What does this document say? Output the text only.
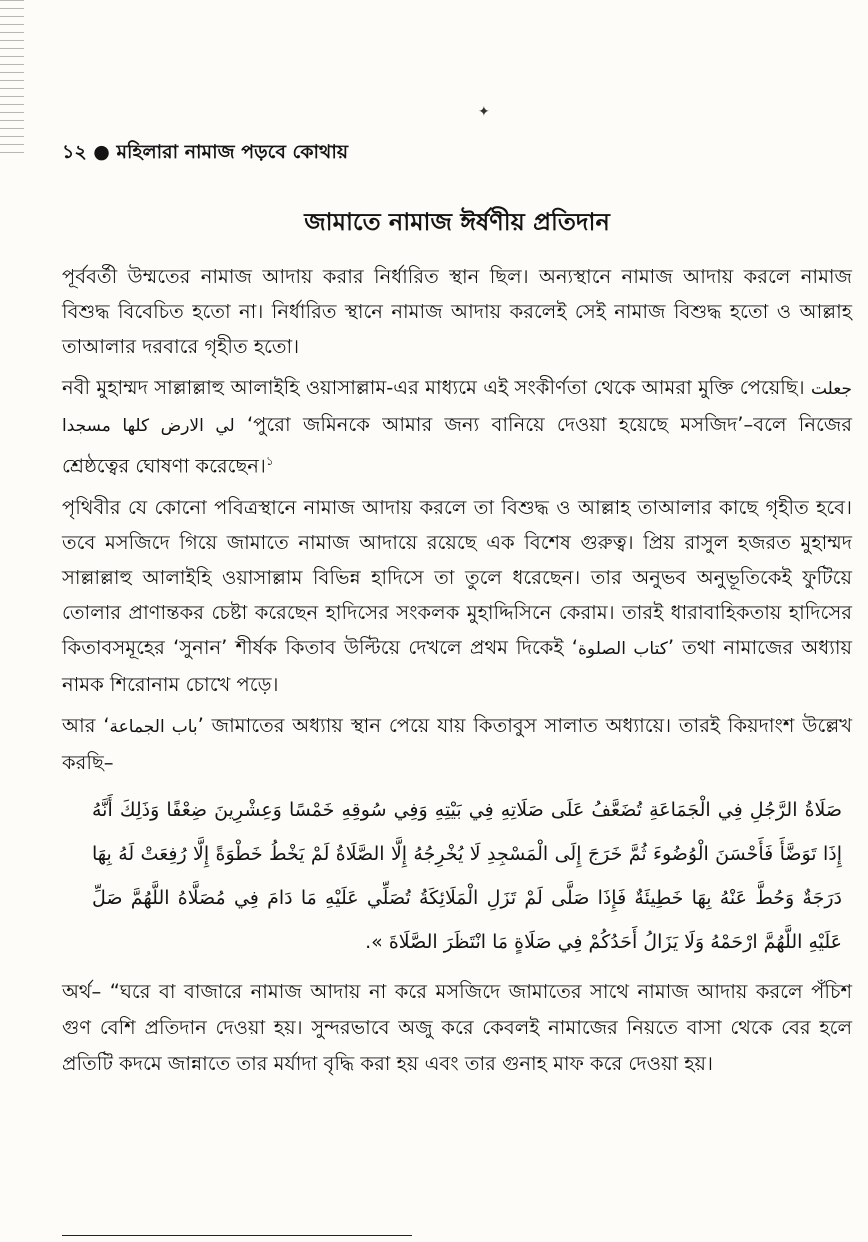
✦
১২ ● মহিলারা নামাজ পড়বে কোথায়
জামাতে নামাজ ঈর্ষণীয় প্রতিদান

পূর্ববর্তী উম্মতের নামাজ আদায় করার নির্ধারিত স্থান ছিল। অন্যস্থানে নামাজ আদায় করলে নামাজ বিশুদ্ধ বিবেচিত হতো না। নির্ধারিত স্থানে নামাজ আদায় করলেই সেই নামাজ বিশুদ্ধ হতো ও আল্লাহ তাআলার দরবারে গৃহীত হতো।

নবী মুহাম্মদ সাল্লাল্লাহু আলাইহি ওয়াসাল্লাম-এর মাধ্যমে এই সংকীর্ণতা থেকে আমরা মুক্তি পেয়েছি। جعلت لي الارض كلها مسجدا ‘পুরো জমিনকে আমার জন্য বানিয়ে দেওয়া হয়েছে মসজিদ’–বলে নিজের শ্রেষ্ঠত্বের ঘোষণা করেছেন।$^১$

পৃথিবীর যে কোনো পবিত্রস্থানে নামাজ আদায় করলে তা বিশুদ্ধ ও আল্লাহ তাআলার কাছে গৃহীত হবে। তবে মসজিদে গিয়ে জামাতে নামাজ আদায়ে রয়েছে এক বিশেষ গুরুত্ব। প্রিয় রাসুল হজরত মুহাম্মদ সাল্লাল্লাহু আলাইহি ওয়াসাল্লাম বিভিন্ন হাদিসে তা তুলে ধরেছেন। তার অনুভব অনুভূতিকেই ফুটিয়ে তোলার প্রাণান্তকর চেষ্টা করেছেন হাদিসের সংকলক মুহাদ্দিসিনে কেরাম। তারই ধারাবাহিকতায় হাদিসের কিতাবসমূহের ‘সুনান’ শীর্ষক কিতাব উল্টিয়ে দেখলে প্রথম দিকেই ‘كتاب الصلوة’ তথা নামাজের অধ্যায় নামক শিরোনাম চোখে পড়ে।

আর ‘باب الجماعة’ জামাতের অধ্যায় স্থান পেয়ে যায় কিতাবুস সালাত অধ্যায়ে। তারই কিয়দাংশ উল্লেখ করছি–

صَلَاةُ الرَّجُلِ فِي الْجَمَاعَةِ تُضَعَّفُ عَلَى صَلَاتِهِ فِي بَيْتِهِ وَفِي سُوقِهِ خَمْسًا وَعِشْرِينَ ضِعْفًا وَذَلِكَ أَنَّهُ إِذَا تَوَضَّأَ فَأَحْسَنَ الْوُضُوءَ ثُمَّ خَرَجَ إِلَى الْمَسْجِدِ لَا يُخْرِجُهُ إِلَّا الصَّلَاةُ لَمْ يَخْطُ خَطْوَةً إِلَّا رُفِعَتْ لَهُ بِهَا دَرَجَةٌ وَحُطَّ عَنْهُ بِهَا خَطِيئَةٌ فَإِذَا صَلَّى لَمْ تَزَلِ الْمَلَائِكَةُ تُصَلِّي عَلَيْهِ مَا دَامَ فِي مُصَلَّاهُ اللَّهُمَّ صَلِّ عَلَيْهِ اللَّهُمَّ ارْحَمْهُ وَلَا يَزَالُ أَحَدُكُمْ فِي صَلَاةٍ مَا انْتَظَرَ الصَّلَاةَ ».

অর্থ– “ঘরে বা বাজারে নামাজ আদায় না করে মসজিদে জামাতের সাথে নামাজ আদায় করলে পঁচিশ গুণ বেশি প্রতিদান দেওয়া হয়। সুন্দরভাবে অজু করে কেবলই নামাজের নিয়তে বাসা থেকে বের হলে প্রতিটি কদমে জান্নাতে তার মর্যাদা বৃদ্ধি করা হয় এবং তার গুনাহ মাফ করে দেওয়া হয়।
